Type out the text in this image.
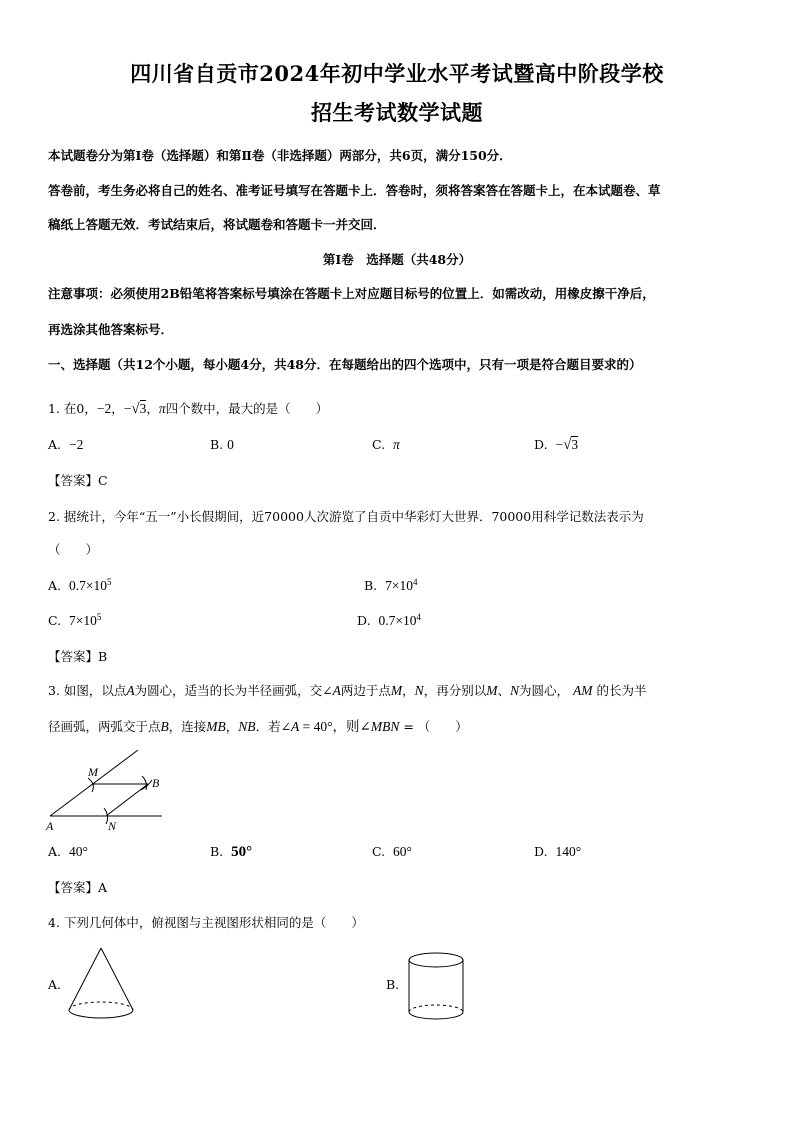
四川省自贡市2024年初中学业水平考试暨高中阶段学校
招生考试数学试题
本试题卷分为第Ⅰ卷（选择题）和第Ⅱ卷（非选择题）两部分，共6页，满分150分．
答卷前，考生务必将自己的姓名、准考证号填写在答题卡上．答卷时，须将答案答在答题卡上，在本试题卷、草
稿纸上答题无效．考试结束后，将试题卷和答题卡一并交回．
第Ⅰ卷　选择题（共48分）
注意事项：必须使用2B铅笔将答案标号填涂在答题卡上对应题目标号的位置上．如需改动，用橡皮擦干净后，
再选涂其他答案标号．
一、选择题（共12个小题，每小题4分，共48分．在每题给出的四个选项中，只有一项是符合题目要求的）
1. 在0，−2，−√3，π四个数中，最大的是（　　）
A. −2	B. 0	C. π	D. −√3
【答案】C
2. 据统计，今年“五一”小长假期间，近70000人次游览了自贡中华彩灯大世界．70000用科学记数法表示为
（　　）
A. $0.7\times 10^5$	B. $7\times 10^4$
C. $7\times 10^5$	D. $0.7\times 10^4$
【答案】B
3. 如图，以点A为圆心，适当的长为半径画弧，交∠A两边于点M，N，再分别以M、N为圆心， AM 的长为半
径画弧，两弧交于点B，连接MB，NB．若∠A = 40°，则∠MBN = （　　）
M
B
A	N
A. 40°	B. 50°	C. 60°	D. 140°
【答案】A
4. 下列几何体中，俯视图与主视图形状相同的是（　　）
A.	B.
